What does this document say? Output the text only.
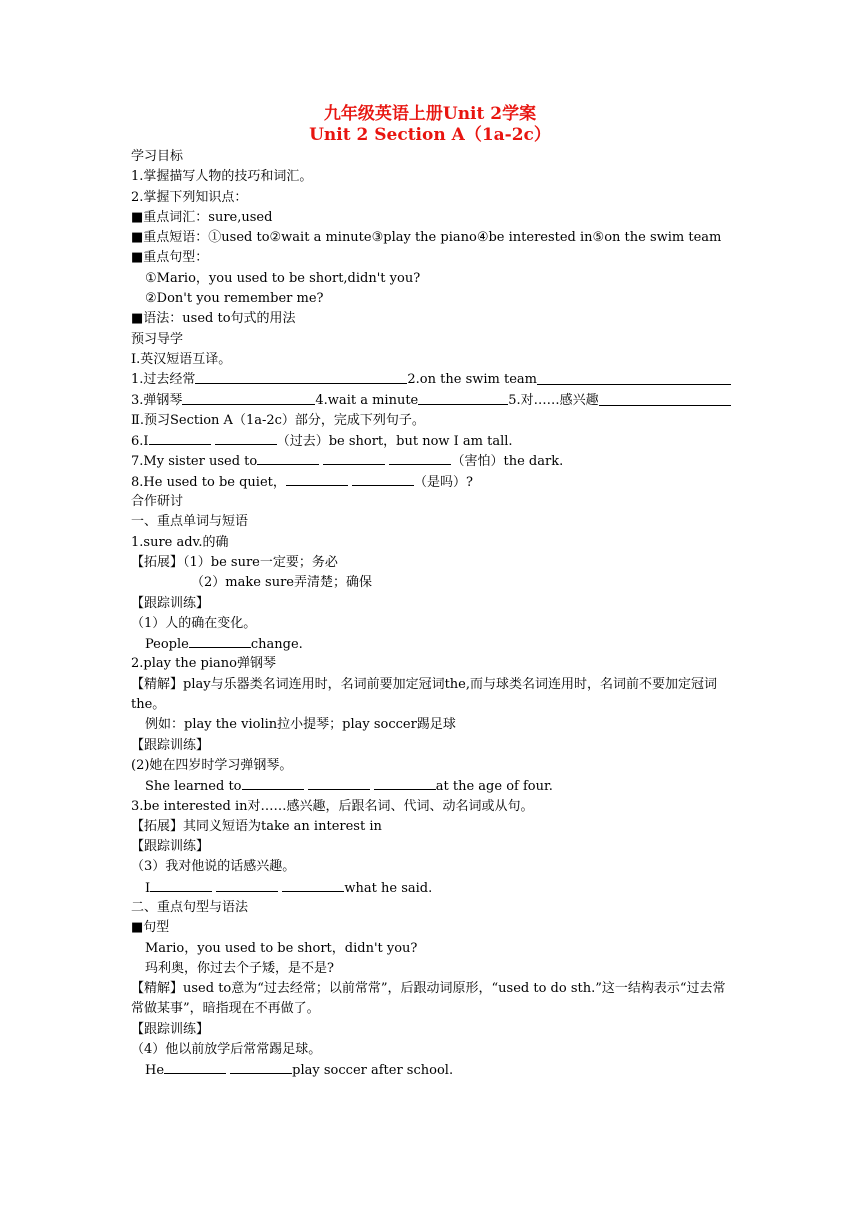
九年级英语上册Unit 2学案
Unit 2 Section A（1a-2c）
学习目标
1.掌握描写人物的技巧和词汇。
2.掌握下列知识点：
■重点词汇：sure,used
■重点短语：①used to②wait a minute③play the piano④be interested in⑤on the swim team
■重点句型：
①Mario，you used to be short,didn't you?
②Don't you remember me?
■语法：used to句式的用法
预习导学
Ⅰ.英汉短语互译。
1.过去经常	2.on the swim team
3.弹钢琴	4.wait a minute	5.对……感兴趣
Ⅱ.预习Section A（1a-2c）部分，完成下列句子。
6.I	（过去）be short，but now I am tall.
7.My sister used to	（害怕）the dark.
8.He used to be quiet，	（是吗）?
合作研讨
一、重点单词与短语
1.sure adv.的确
【拓展】（1）be sure一定要；务必
（2）make sure弄清楚；确保
【跟踪训练】
（1）人的确在变化。
People	change.
2.play the piano弹钢琴
【精解】play与乐器类名词连用时，名词前要加定冠词the,而与球类名词连用时，名词前不要加定冠词the。
例如：play the violin拉小提琴；play soccer踢足球
【跟踪训练】
(2)她在四岁时学习弹钢琴。
She learned to	at the age of four.
3.be interested in对……感兴趣，后跟名词、代词、动名词或从句。
【拓展】其同义短语为take an interest in
【跟踪训练】
（3）我对他说的话感兴趣。
I	what he said.
二、重点句型与语法
■句型
Mario，you used to be short，didn't you?
玛利奥，你过去个子矮，是不是?
【精解】used to意为“过去经常；以前常常”，后跟动词原形，“used to do sth.”这一结构表示“过去常常做某事”，暗指现在不再做了。
【跟踪训练】
（4）他以前放学后常常踢足球。
He	play soccer after school.
